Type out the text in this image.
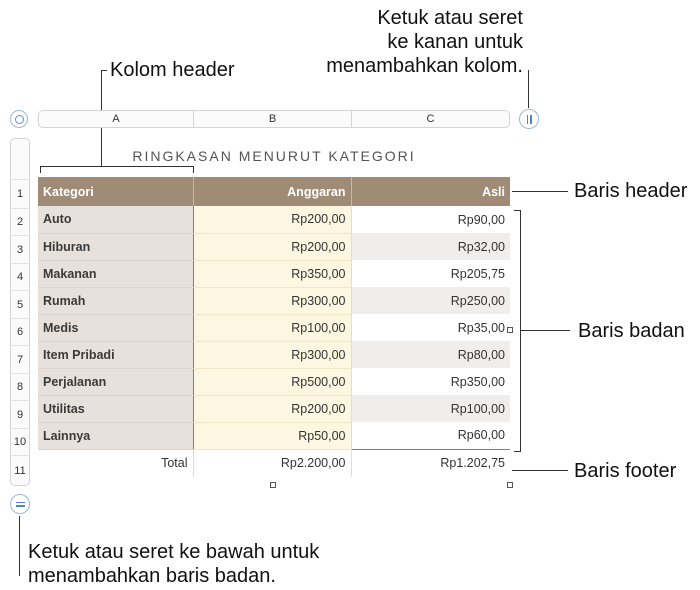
Ketuk atau seret
ke kanan untuk
menambahkan kolom.
Kolom header
A	B	C
1
2
3
4
5
6
7
8
9
10
11
RINGKASAN MENURUT KATEGORI
Kategori	Anggaran	Asli
Auto	Rp200,00	Rp90,00
Hiburan	Rp200,00	Rp32,00
Makanan	Rp350,00	Rp205,75
Rumah	Rp300,00	Rp250,00
Medis	Rp100,00	Rp35,00
Item Pribadi	Rp300,00	Rp80,00
Perjalanan	Rp500,00	Rp350,00
Utilitas	Rp200,00	Rp100,00
Lainnya	Rp50,00	Rp60,00
Total	Rp2.200,00	Rp1.202,75
Baris header
Baris badan
Baris footer
Ketuk atau seret ke bawah untuk
menambahkan baris badan.
